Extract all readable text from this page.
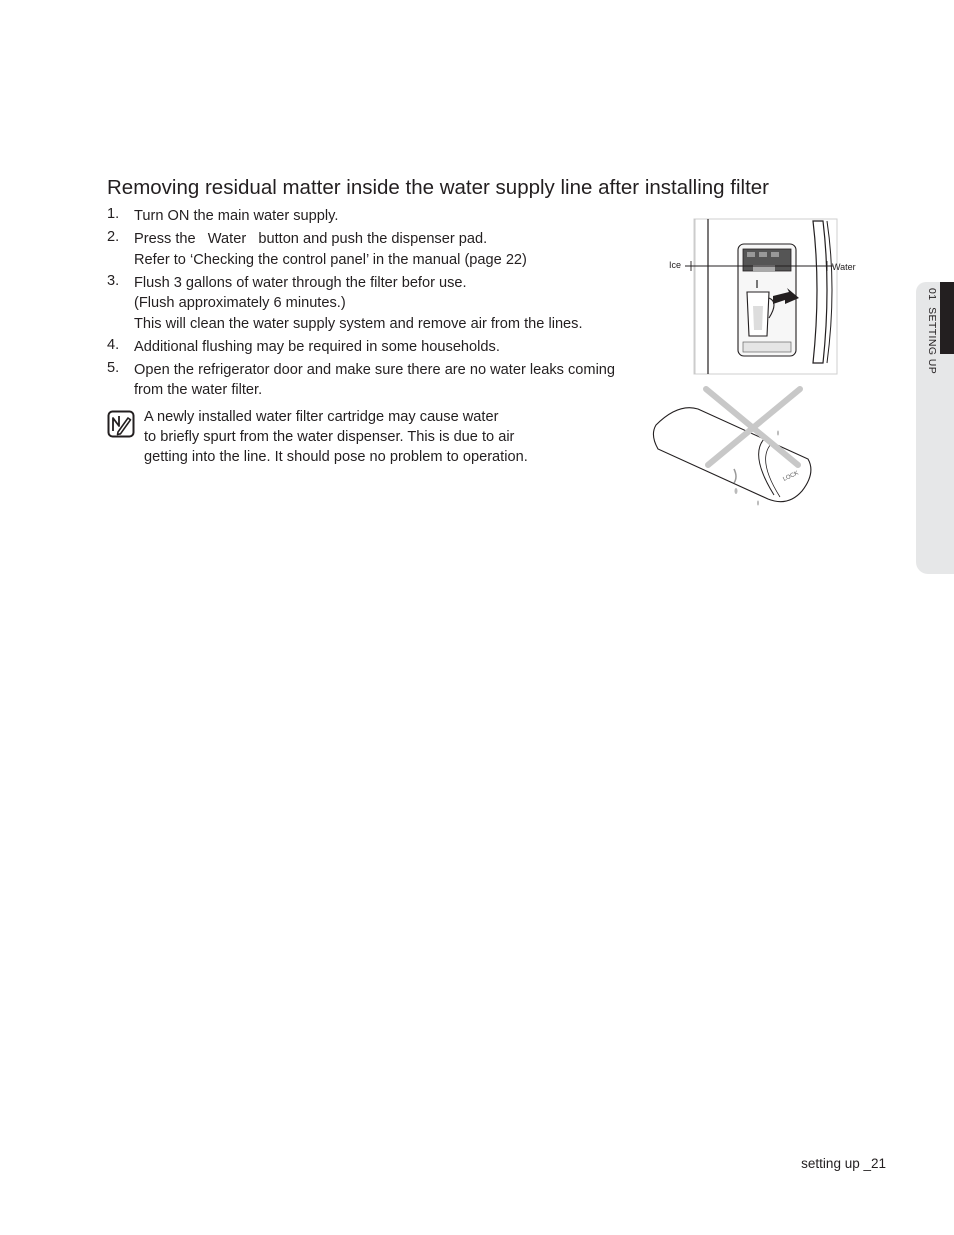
Removing residual matter inside the water supply line after installing filter
1. Turn ON the main water supply.
2. Press the   Water   button and push the dispenser pad.
Refer to ‘Checking the control panel’ in the manual (page 22)
3. Flush 3 gallons of water through the filter befor use.
(Flush approximately 6 minutes.)
This will clean the water supply system and remove air from the lines.
4. Additional flushing may be required in some households.
5. Open the refrigerator door and make sure there are no water leaks coming
from the water filter.
A newly installed water filter cartridge may cause water
to briefly spurt from the water dispenser. This is due to air
getting into the line. It should pose no problem to operation.
Ice	Water
LOCK
01  SETTING UP
setting up _21
